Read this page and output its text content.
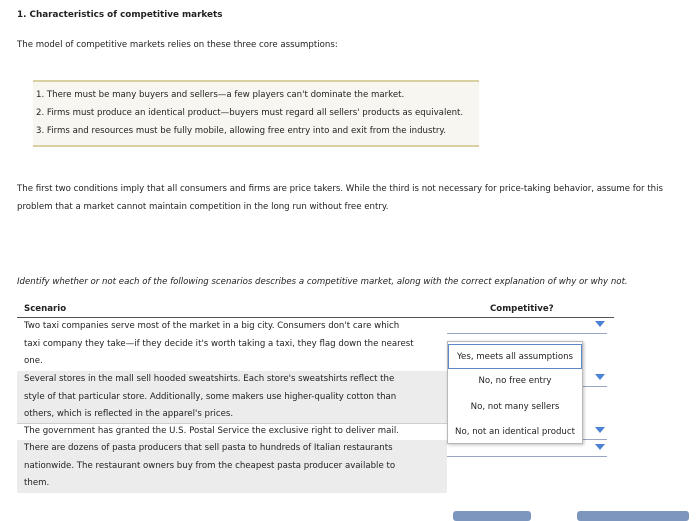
1. Characteristics of competitive markets
The model of competitive markets relies on these three core assumptions:
1. There must be many buyers and sellers—a few players can't dominate the market.
2. Firms must produce an identical product—buyers must regard all sellers' products as equivalent.
3. Firms and resources must be fully mobile, allowing free entry into and exit from the industry.
The first two conditions imply that all consumers and firms are price takers. While the third is not necessary for price-taking behavior, assume for this
problem that a market cannot maintain competition in the long run without free entry.
Identify whether or not each of the following scenarios describes a competitive market, along with the correct explanation of why or why not.
Scenario	Competitive?
Two taxi companies serve most of the market in a big city. Consumers don't care which
taxi company they take—if they decide it's worth taking a taxi, they flag down the nearest
one.
Several stores in the mall sell hooded sweatshirts. Each store's sweatshirts reflect the
style of that particular store. Additionally, some makers use higher-quality cotton than
others, which is reflected in the apparel's prices.
The government has granted the U.S. Postal Service the exclusive right to deliver mail.
There are dozens of pasta producers that sell pasta to hundreds of Italian restaurants
nationwide. The restaurant owners buy from the cheapest pasta producer available to
them.
Yes, meets all assumptions
No, no free entry
No, not many sellers
No, not an identical product
